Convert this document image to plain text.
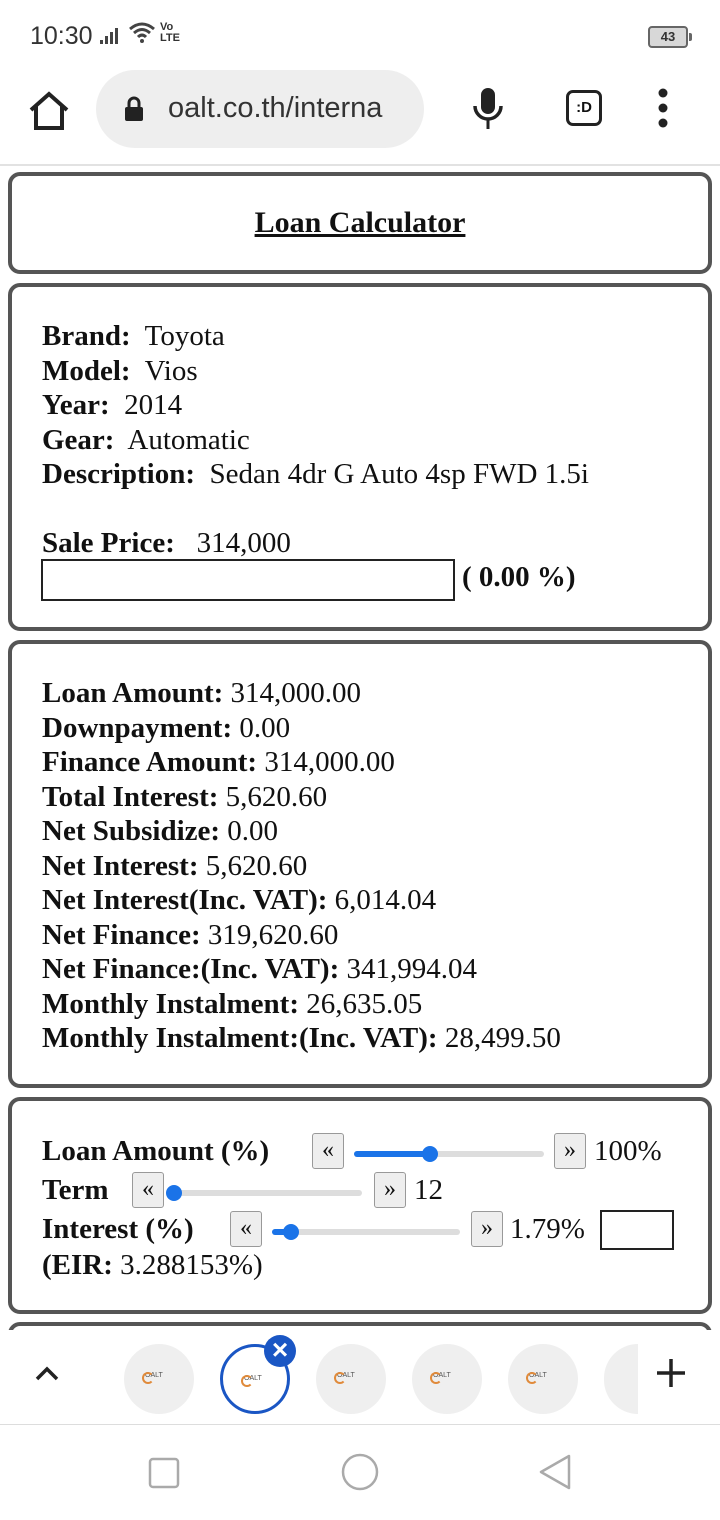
10:30	Vo
LTE	43
oalt.co.th/interna	:D
Loan Calculator
Brand: Toyota
Model: Vios
Year: 2014
Gear: Automatic
Description: Sedan 4dr G Auto 4sp FWD 1.5i
Sale Price: 314,000
( 0.00 %)
Loan Amount: 314,000.00
Downpayment: 0.00
Finance Amount: 314,000.00
Total Interest: 5,620.60
Net Subsidize: 0.00
Net Interest: 5,620.60
Net Interest(Inc. VAT): 6,014.04
Net Finance: 319,620.60
Net Finance:(Inc. VAT): 341,994.04
Monthly Instalment: 26,635.05
Monthly Instalment:(Inc. VAT): 28,499.50
Loan Amount (%)	«	» 100%
Term	«	» 12
Interest (%)	«	» 1.79%
(EIR: 3.288153%)
OALT	OALT	OALT	OALT	OALT
×
